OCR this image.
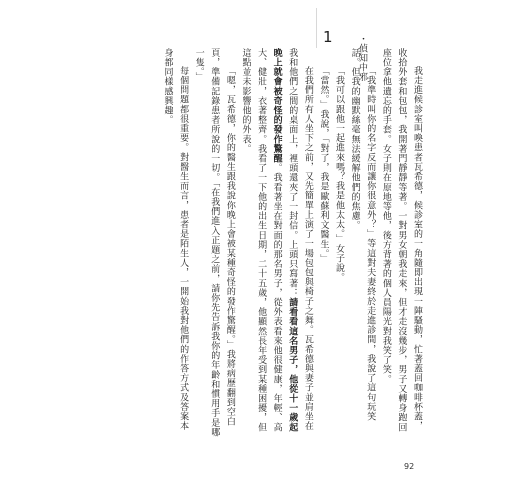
1	・偵知中邪

我走進候診室叫喚患者瓦希德，候診室的一角隨即出現一陣騷動，忙著蓋回咖啡杯蓋，收拾外套和包包，我開著門靜靜等著。一對男女朝我走來，但才走沒幾步，男子又轉身跑回座位拿他遺忘的手套。女子則在原地等他，後方背著的個人員陽光對我笑了笑。

「我準時叫你的名字反而讓你很意外？」等這對夫妻終於走進診間，我說了這句玩笑話。但我的幽默絲毫無法緩解他們的焦慮。

「我可以跟他一起進來嗎？我是他太太。」女子說。

「當然。」我說，「對了，我是歐蘇利文醫生。」

在我們所有人坐下之前，又先簡單上演了一場包包與椅子之舞。瓦希德與妻子並肩坐在我和他們之間的桌面上，裡頭還夾了一封信。上頭只寫著：請看看這名男子，他從十一歲起晚上就會被奇怪的發作驚醒。我看著坐在對面的那名男子，從外表看來他很健康，年輕、高大、健壯，衣著整齊。我看了一下他的出生日期，二十五歲，他顯然長年受到某種困擾，但這點並未影響他的外表。

「嗯，瓦希德，你的醫生跟我說你晚上會被某種奇怪的發作驚醒。」我將病歷翻到空白頁，準備記錄患者所說的一切。「在我們進入正題之前，請你先告訴我你的年齡和慣用手是哪一隻。」

每個問題都很重要。對醫生而言，患者是陌生人，一開始我對他們的作答方式及答案本身都同樣感興趣。

92
